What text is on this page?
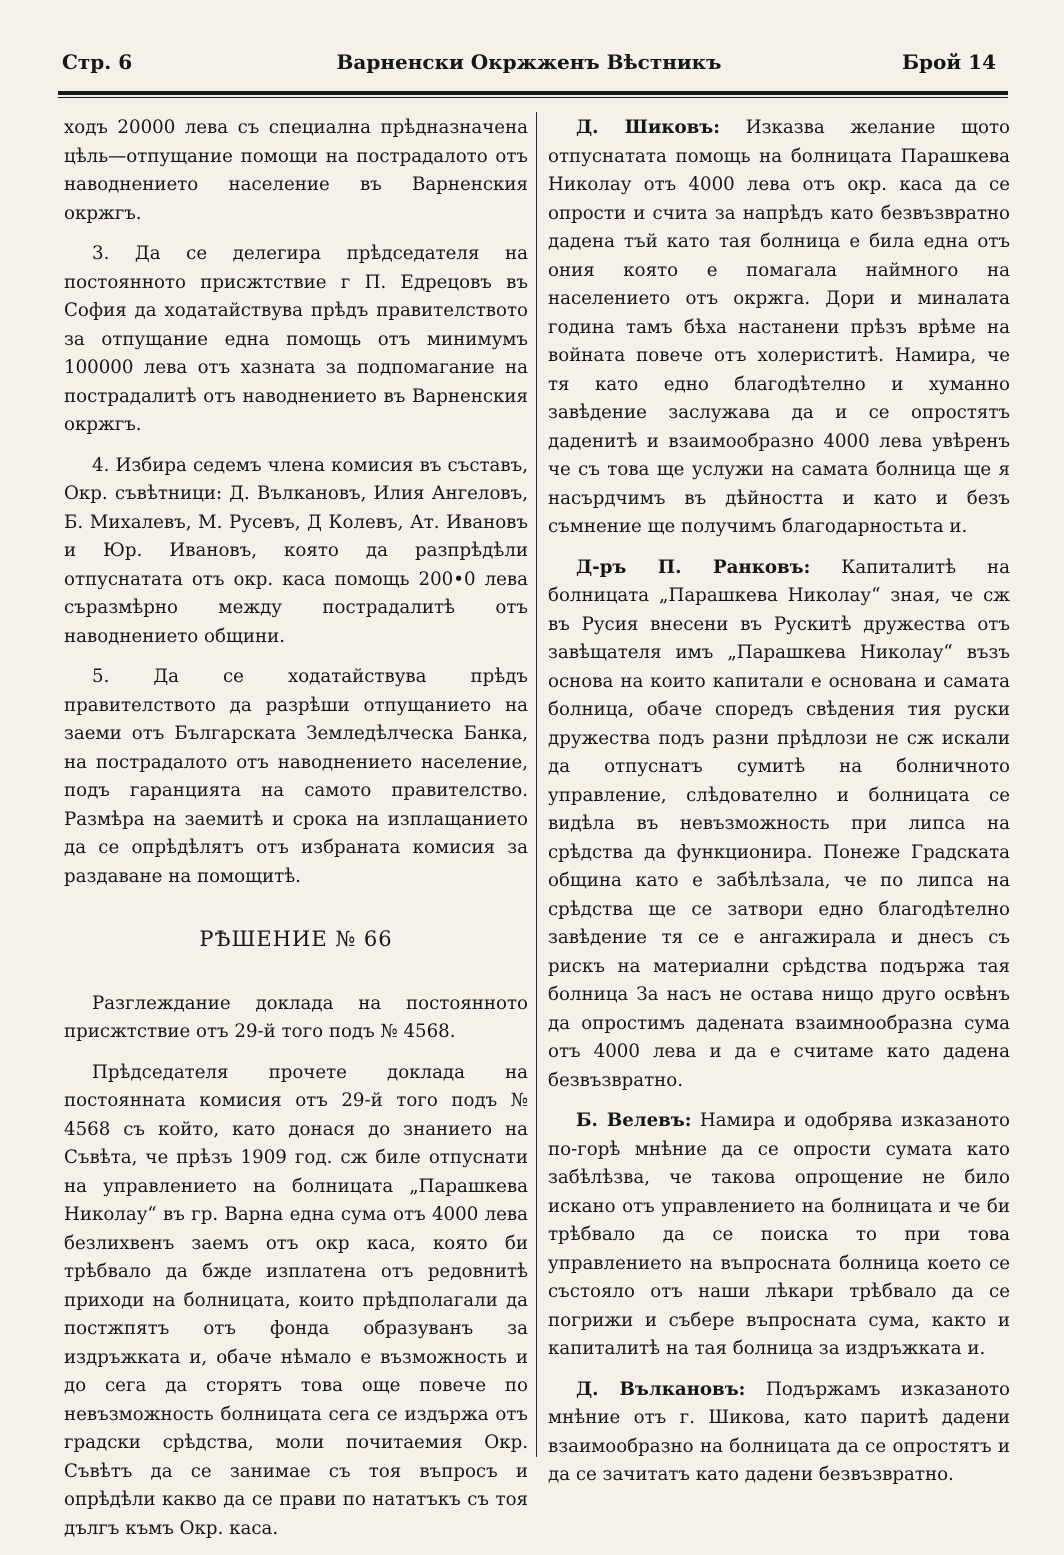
Стр. 6	Варненски Окржженъ Вѣстникъ	Брой 14

ходъ 20000 лева съ специална прѣдназначена цѣль—отпущание помощи на пострадалото отъ наводнението население въ Варненския окржгъ.

3. Да се делегира прѣдседателя на постоянното присжтствие г П. Едрецовъ въ София да ходатайствува прѣдъ правителството за отпущание една помощь отъ минимумъ 100000 лева отъ хазната за подпомагание на пострадалитѣ отъ наводнението въ Варненския окржгъ.

4. Избира седемъ члена комисия въ съставъ, Окр. съвѣтници: Д. Вълкановъ, Илия Ангеловъ, Б. Михалевъ, М. Русевъ, Д Колевъ, Ат. Ивановъ и Юр. Ивановъ, която да разпрѣдѣли отпуснатата отъ окр. каса помощь 200•0 лева съразмѣрно между пострадалитѣ отъ наводнението общини.

5. Да се ходатайствува прѣдъ правителството да разрѣши отпущанието на заеми отъ Българската Земледѣлческа Банка, на пострадалото отъ наводнението население, подъ гаранцията на самото правителство. Размѣра на заемитѣ и срока на изплащанието да се опрѣдѣлятъ отъ избраната комисия за раздаване на помощитѣ.

РѢШЕНИЕ № 66

Разглеждание доклада на постоянното присжтствие отъ 29-й того подъ № 4568.

Прѣдседателя прочете доклада на постоянната комисия отъ 29-й того подъ № 4568 съ който, като донася до знанието на Съвѣта, че прѣзъ 1909 год. сж биле отпуснати на управлението на болницата „Парашкева Николау“ въ гр. Варна една сума отъ 4000 лева безлихвенъ заемъ отъ окр каса, която би трѣбвало да бжде изплатена отъ редовнитѣ приходи на болницата, които прѣдполагали да постжпятъ отъ фонда образуванъ за издръжката и, обаче нѣмало е възможность и до сега да сторятъ това още повече по невъзможность болницата сега се издържа отъ градски срѣдства, моли почитаемия Окр. Съвѣтъ да се занимае съ тоя въпросъ и опрѣдѣли какво да се прави по нататъкъ съ тоя дългъ къмъ Окр. каса.

Д. Шиковъ: Изказва желание щото отпуснатата помощь на болницата Парашкева Николау отъ 4000 лева отъ окр. каса да се опрости и счита за напрѣдъ като безвъзвратно дадена тъй като тая болница е била една отъ ония която е помагала наймного на населението отъ окржга. Дори и миналата година тамъ бѣха настанени прѣзъ врѣме на войната повече отъ холериститѣ. Намира, че тя като едно благодѣтелно и хуманно завѣдение заслужава да и се опростятъ даденитѣ и взаимообразно 4000 лева увѣренъ че съ това ще услужи на самата болница ще я насърдчимъ въ дѣйността и като и безъ съмнение ще получимъ благодарностьта и.

Д-ръ П. Ранковъ: Капиталитѣ на болницата „Парашкева Николау“ зная, че сж въ Русия внесени въ Рускитѣ дружества отъ завѣщателя имъ „Парашкева Николау“ възъ основа на които капитали е основана и самата болница, обаче споредъ свѣдения тия руски дружества подъ разни прѣдлози не сж искали да отпуснатъ сумитѣ на болничното управление, слѣдователно и болницата се видѣла въ невъзможность при липса на срѣдства да функционира. Понеже Градската община като е забѣлѣзала, че по липса на срѣдства ще се затвори едно благодѣтелно завѣдение тя се е ангажирала и днесъ съ рискъ на материални срѣдства подържа тая болница За насъ не остава нищо друго освѣнъ да опростимъ дадената взаимнообразна сума отъ 4000 лева и да е считаме като дадена безвъзвратно.

Б. Велевъ: Намира и одобрява изказаното по-горѣ мнѣние да се опрости сумата като забѣлѣзва, че такова опрощение не било искано отъ управлението на болницата и че би трѣбвало да се поиска то при това управлението на въпросната болница което се състояло отъ наши лѣкари трѣбвало да се погрижи и събере въпросната сума, както и капиталитѣ на тая болница за издръжката и.

Д. Вълкановъ: Подържамъ изказаното мнѣние отъ г. Шикова, като паритѣ дадени взаимообразно на болницата да се опростятъ и да се зачитатъ като дадени безвъзвратно.
